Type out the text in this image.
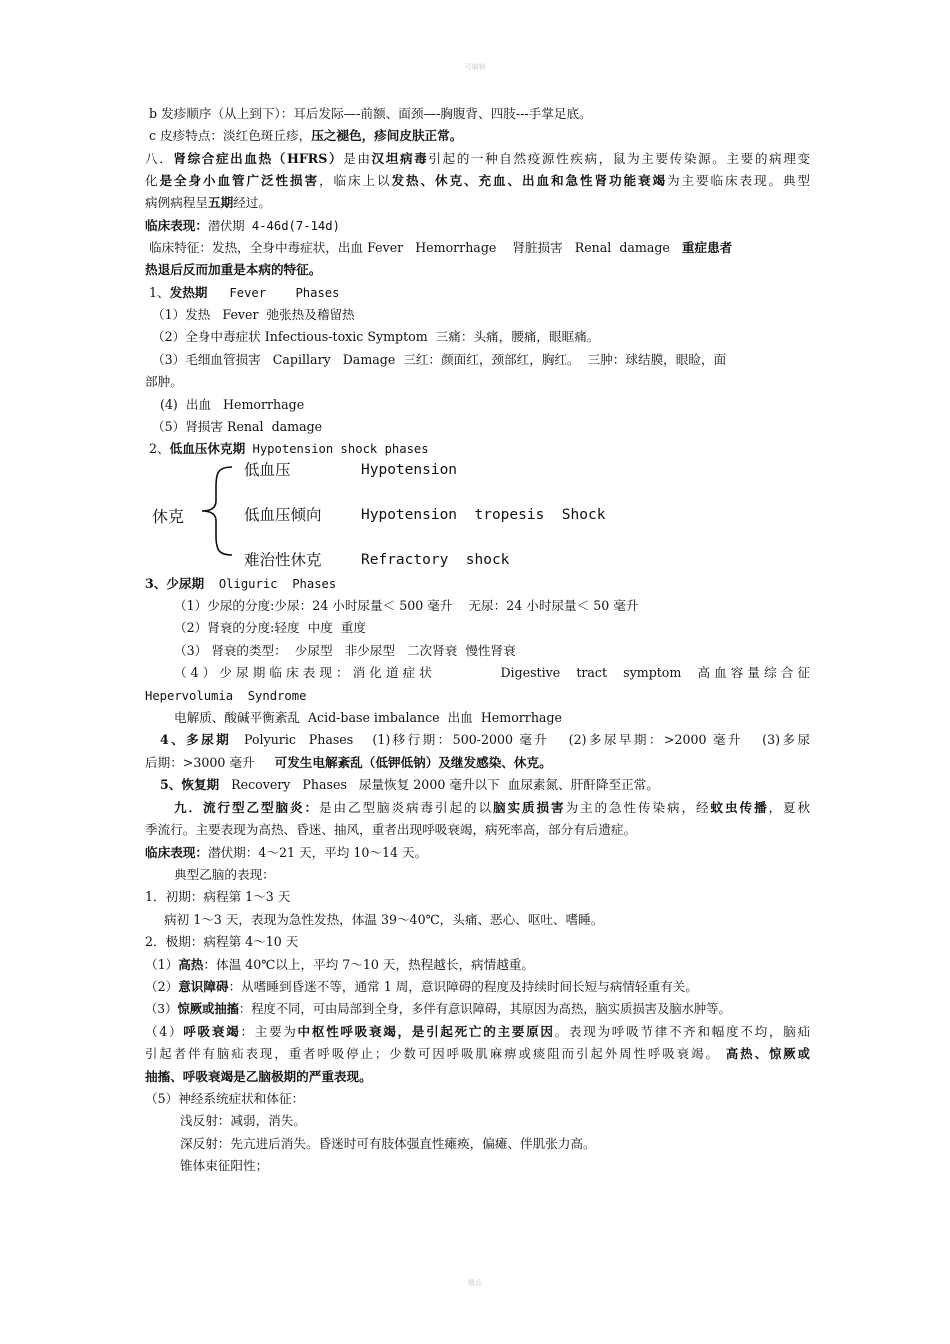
可编辑
b 发疹顺序（从上到下）：耳后发际—-前额、面颈—-胸腹背、四肢---手掌足底。
c 皮疹特点：淡红色斑丘疹，压之褪色，疹间皮肤正常。
八．肾综合症出血热（HFRS）是由汉坦病毒引起的一种自然疫源性疾病，鼠为主要传染源。主要的病理变
化是全身小血管广泛性损害，临床上以发热、休克、充血、出血和急性肾功能衰竭为主要临床表现。典型
病例病程呈五期经过。
临床表现：潜伏期 4-46d(7-14d)
临床特征：发热，全身中毒症状，出血 Fever   Hemorrhage    肾脏损害   Renal  damage   重症患者
热退后反而加重是本病的特征。
1、发热期   Fever    Phases
（1）发热   Fever  弛张热及稽留热
（2）全身中毒症状 Infectious-toxic Symptom  三痛：头痛，腰痛，眼眶痛。
（3）毛细血管损害   Capillary   Damage  三红：颜面红，颈部红，胸红。  三肿：球结膜，眼睑，面
部肿。
(4)  出血   Hemorrhage
（5）肾损害 Renal  damage
2、低血压休克期 Hypotension shock phases
休克
低血压	Hypotension
低血压倾向	Hypotension  tropesis  Shock
难治性休克	Refractory  shock
3、少尿期  Oliguric  Phases
（1）少尿的分度:少尿：24 小时尿量＜ 500 毫升    无尿：24 小时尿量＜ 50 毫升
（2）肾衰的分度:轻度  中度  重度
（3） 肾衰的类型：  少尿型   非少尿型   二次肾衰  慢性肾衰
（4）少尿期临床表现：消化道症状        Digestive  tract  symptom  高血容量综合征
Hepervolumia  Syndrome
电解质、酸碱平衡紊乱  Acid-base imbalance  出血  Hemorrhage
4、多尿期  Polyuric  Phases   (1)移行期：500-2000 毫升   (2)多尿早期：>2000 毫升   (3)多尿
后期：>3000 毫升     可发生电解紊乱（低钾低钠）及继发感染、休克。
5、恢复期   Recovery   Phases   尿量恢复 2000 毫升以下  血尿素氮、肝酐降至正常。
九．流行型乙型脑炎：是由乙型脑炎病毒引起的以脑实质损害为主的急性传染病，经蚊虫传播，夏秋
季流行。主要表现为高热、昏迷、抽风，重者出现呼吸衰竭，病死率高，部分有后遗症。
临床表现：潜伏期：4～21 天，平均 10～14 天。
典型乙脑的表现：
1．初期：病程第 1～3 天
病初 1～3 天，表现为急性发热，体温 39～40℃，头痛、恶心、呕吐、嗜睡。
2．极期：病程第 4～10 天
（1）高热：体温 40℃以上，平均 7～10 天，热程越长，病情越重。
（2）意识障碍：从嗜睡到昏迷不等，通常 1 周，意识障碍的程度及持续时间长短与病情轻重有关。
（3）惊厥或抽搐：程度不同，可由局部到全身，多伴有意识障碍，其原因为高热，脑实质损害及脑水肿等。
（4）呼吸衰竭：主要为中枢性呼吸衰竭，是引起死亡的主要原因。表现为呼吸节律不齐和幅度不均，脑疝
引起者伴有脑疝表现，重者呼吸停止；少数可因呼吸肌麻痹或痰阻而引起外周性呼吸衰竭。 高热、惊厥或
抽搐、呼吸衰竭是乙脑极期的严重表现。
（5）神经系统症状和体征：
浅反射：减弱，消失。
深反射：先亢进后消失。昏迷时可有肢体强直性瘫痪，偏瘫、伴肌张力高。
锥体束征阳性；
精品
